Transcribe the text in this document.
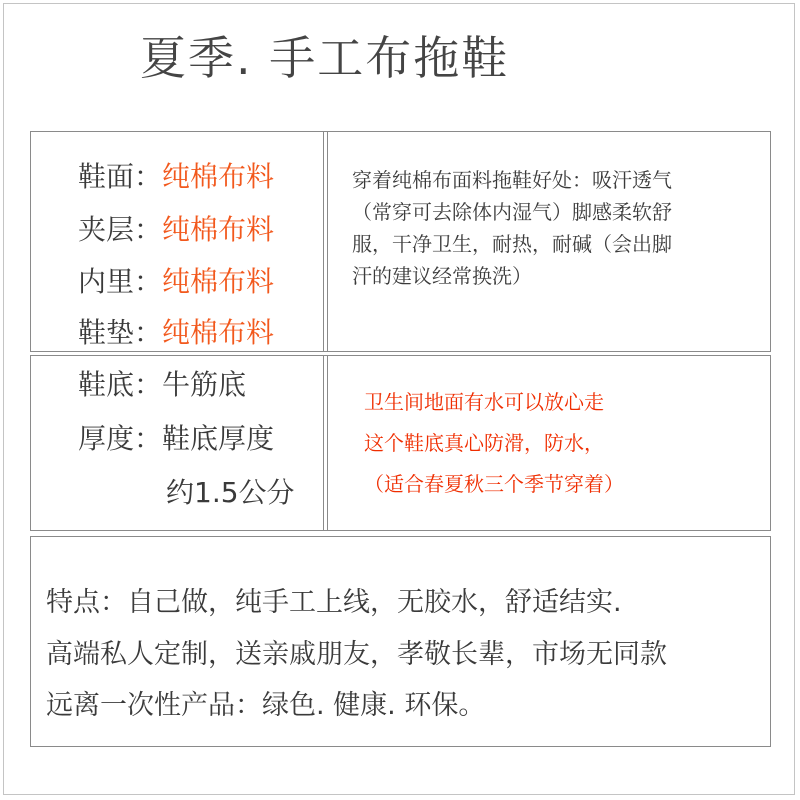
夏季. 手工布拖鞋
鞋面：纯棉布料
夹层：纯棉布料
内里：纯棉布料
鞋垫：纯棉布料
穿着纯棉布面料拖鞋好处：吸汗透气
（常穿可去除体内湿气）脚感柔软舒
服，干净卫生，耐热，耐碱（会出脚
汗的建议经常换洗）
鞋底：牛筋底
厚度：鞋底厚度
约1.5公分
卫生间地面有水可以放心走
这个鞋底真心防滑，防水，
（适合春夏秋三个季节穿着）
特点：自己做，纯手工上线，无胶水，舒适结实.
高端私人定制，送亲戚朋友，孝敬长辈，市场无同款
远离一次性产品：绿色. 健康. 环保。
